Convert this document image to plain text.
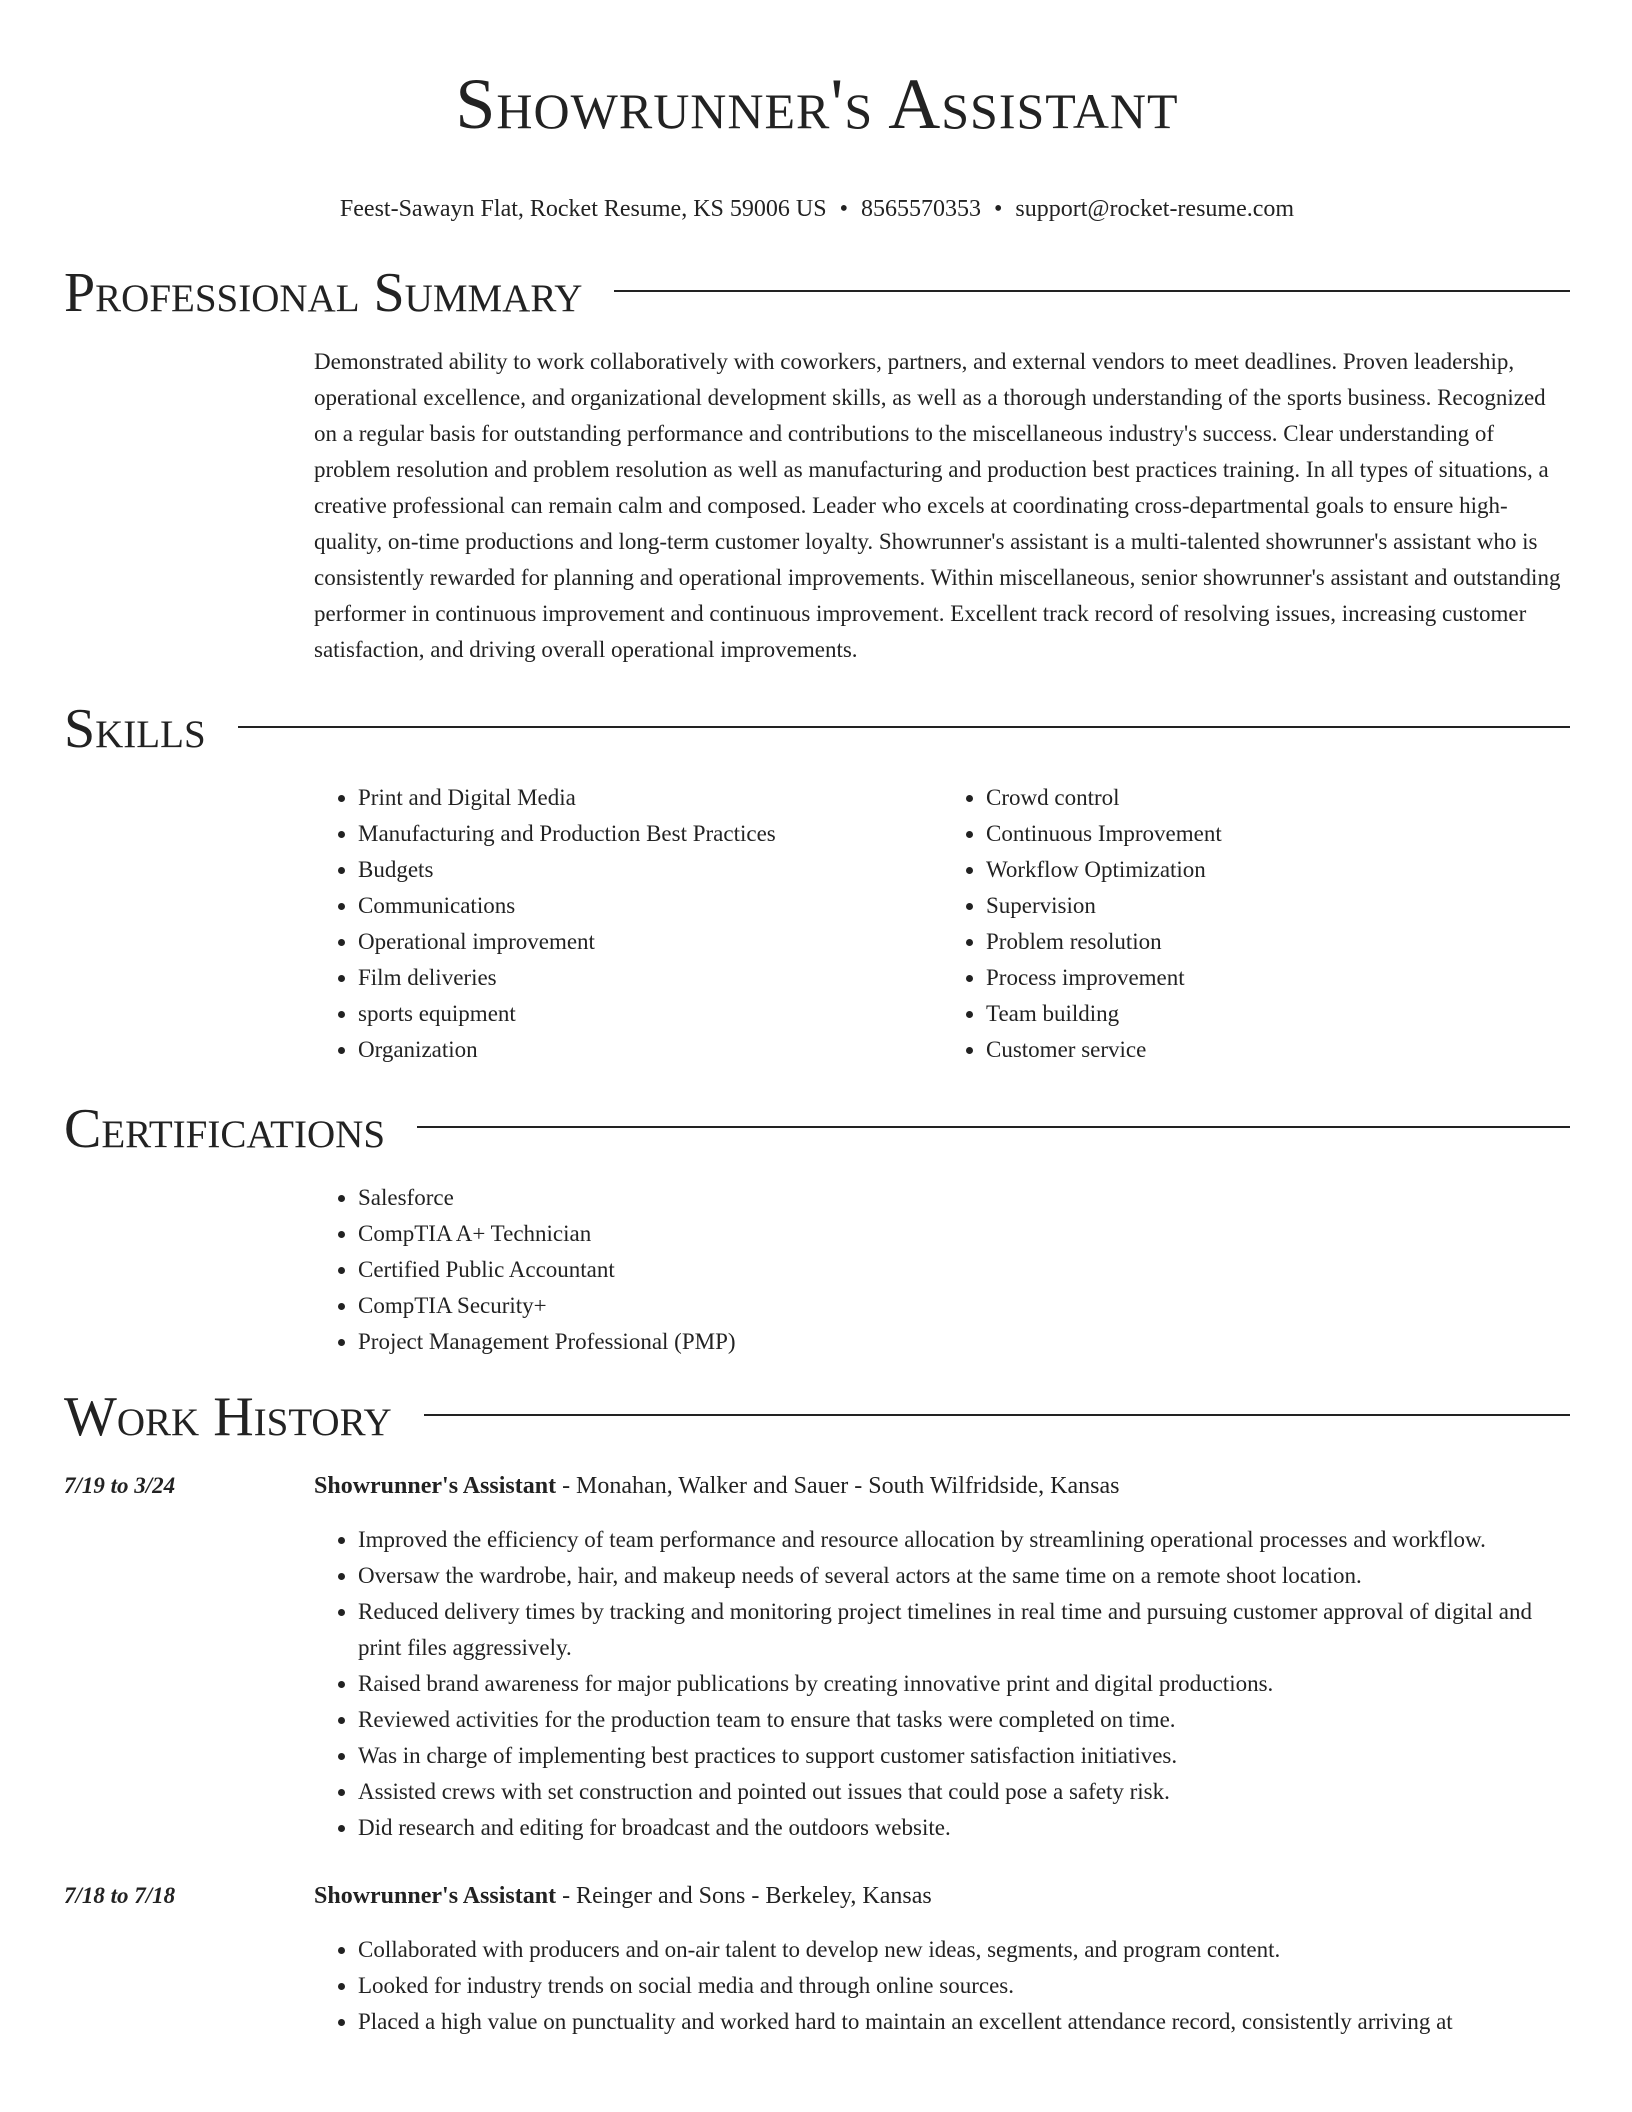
Showrunner's Assistant
Feest-Sawayn Flat, Rocket Resume, KS 59006 US • 8565570353 • support@rocket-resume.com
Professional Summary
Demonstrated ability to work collaboratively with coworkers, partners, and external vendors to meet deadlines. Proven leadership, operational excellence, and organizational development skills, as well as a thorough understanding of the sports business. Recognized on a regular basis for outstanding performance and contributions to the miscellaneous industry's success. Clear understanding of problem resolution and problem resolution as well as manufacturing and production best practices training. In all types of situations, a creative professional can remain calm and composed. Leader who excels at coordinating cross-departmental goals to ensure high-quality, on-time productions and long-term customer loyalty. Showrunner's assistant is a multi-talented showrunner's assistant who is consistently rewarded for planning and operational improvements. Within miscellaneous, senior showrunner's assistant and outstanding performer in continuous improvement and continuous improvement. Excellent track record of resolving issues, increasing customer satisfaction, and driving overall operational improvements.
Skills
• Print and Digital Media
• Manufacturing and Production Best Practices
• Budgets
• Communications
• Operational improvement
• Film deliveries
• sports equipment
• Organization
• Crowd control
• Continuous Improvement
• Workflow Optimization
• Supervision
• Problem resolution
• Process improvement
• Team building
• Customer service
Certifications
• Salesforce
• CompTIA A+ Technician
• Certified Public Accountant
• CompTIA Security+
• Project Management Professional (PMP)
Work History
7/19 to 3/24	Showrunner's Assistant - Monahan, Walker and Sauer - South Wilfridside, Kansas
• Improved the efficiency of team performance and resource allocation by streamlining operational processes and workflow.
• Oversaw the wardrobe, hair, and makeup needs of several actors at the same time on a remote shoot location.
• Reduced delivery times by tracking and monitoring project timelines in real time and pursuing customer approval of digital and print files aggressively.
• Raised brand awareness for major publications by creating innovative print and digital productions.
• Reviewed activities for the production team to ensure that tasks were completed on time.
• Was in charge of implementing best practices to support customer satisfaction initiatives.
• Assisted crews with set construction and pointed out issues that could pose a safety risk.
• Did research and editing for broadcast and the outdoors website.
7/18 to 7/18	Showrunner's Assistant - Reinger and Sons - Berkeley, Kansas
• Collaborated with producers and on-air talent to develop new ideas, segments, and program content.
• Looked for industry trends on social media and through online sources.
• Placed a high value on punctuality and worked hard to maintain an excellent attendance record, consistently arriving at
